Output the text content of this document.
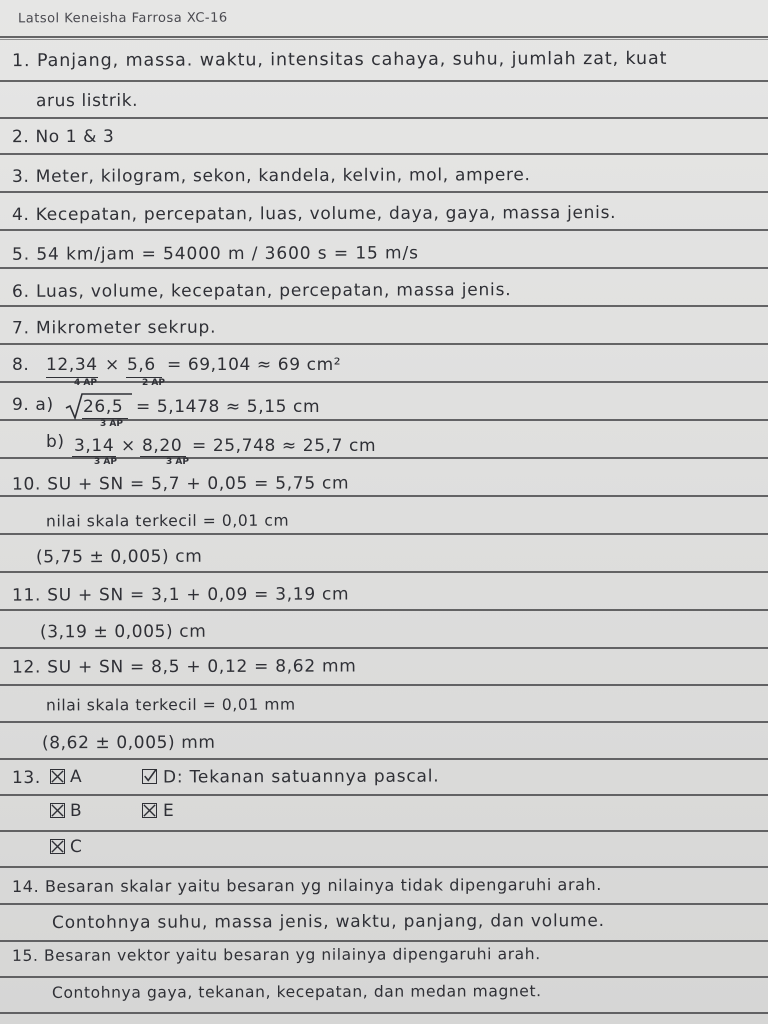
Latsol Keneisha Farrosa XC-16
1. Panjang, massa. waktu, intensitas cahaya, suhu, jumlah zat, kuat
arus listrik.
2. No 1 & 3
3. Meter, kilogram, sekon, kandela, kelvin, mol, ampere.
4. Kecepatan, percepatan, luas, volume, daya, gaya, massa jenis.
5. 54 km/jam = 54000 m / 3600 s = 15 m/s
6. Luas, volume, kecepatan, percepatan, massa jenis.
7. Mikrometer sekrup.
8. 12,34
4 AP
× 5,6
2 AP
= 69,104 ≈ 69 cm²
9. a) 26,5
3 AP
= 5,1478 ≈ 5,15 cm
b) 3,14
3 AP
× 8,20
3 AP
= 25,748 ≈ 25,7 cm
10. SU + SN = 5,7 + 0,05 = 5,75 cm
nilai skala terkecil = 0,01 cm
(5,75 ± 0,005) cm
11. SU + SN = 3,1 + 0,09 = 3,19 cm
(3,19 ± 0,005) cm
12. SU + SN = 8,5 + 0,12 = 8,62 mm
nilai skala terkecil = 0,01 mm
(8,62 ± 0,005) mm
13. A	D: Tekanan satuannya pascal.
B	E
C
14. Besaran skalar yaitu besaran yg nilainya tidak dipengaruhi arah.
Contohnya suhu, massa jenis, waktu, panjang, dan volume.
15. Besaran vektor yaitu besaran yg nilainya dipengaruhi arah.
Contohnya gaya, tekanan, kecepatan, dan medan magnet.
